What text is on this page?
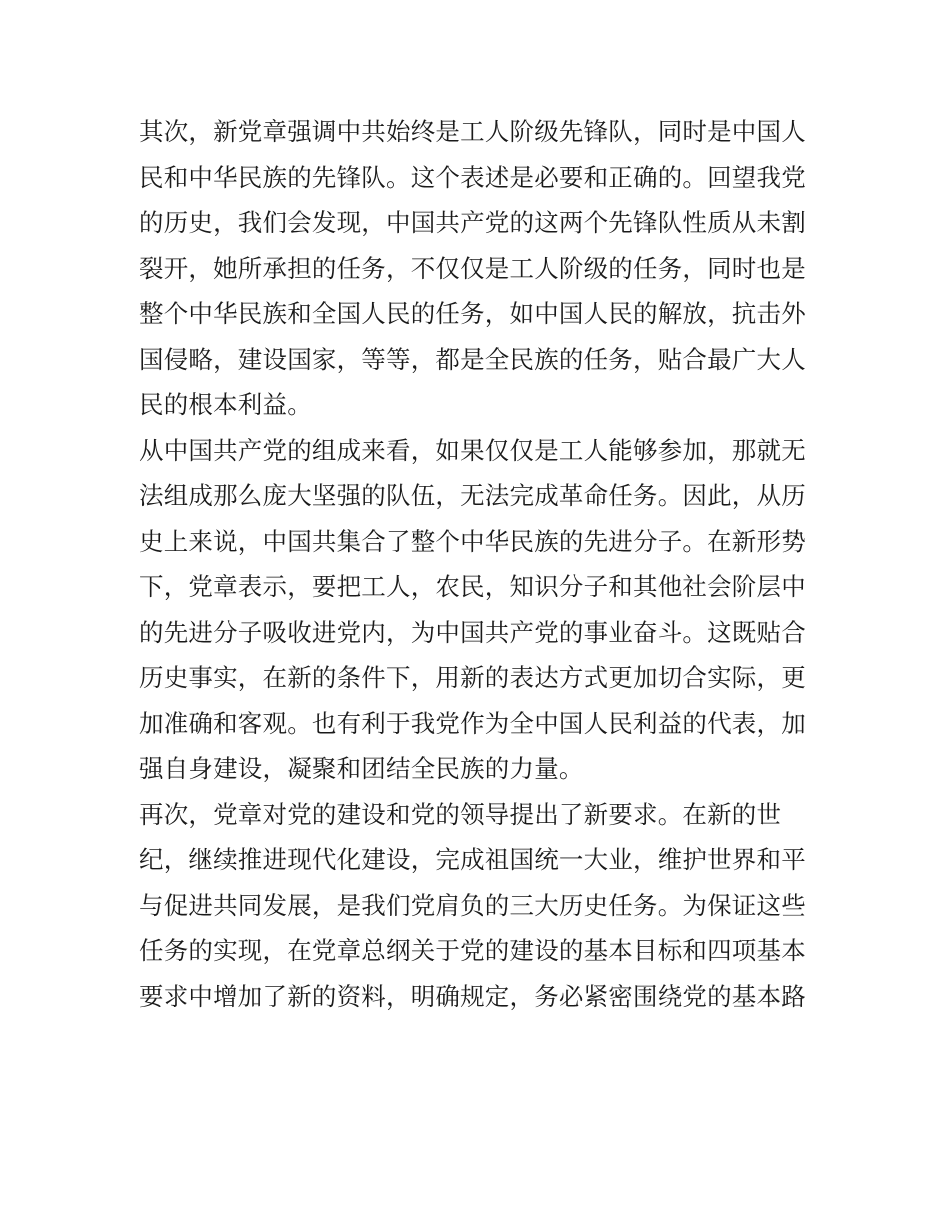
其次，新党章强调中共始终是工人阶级先锋队，同时是中国人
民和中华民族的先锋队。这个表述是必要和正确的。回望我党
的历史，我们会发现，中国共产党的这两个先锋队性质从未割
裂开，她所承担的任务，不仅仅是工人阶级的任务，同时也是
整个中华民族和全国人民的任务，如中国人民的解放，抗击外
国侵略，建设国家，等等，都是全民族的任务，贴合最广大人
民的根本利益。
从中国共产党的组成来看，如果仅仅是工人能够参加，那就无
法组成那么庞大坚强的队伍，无法完成革命任务。因此，从历
史上来说，中国共集合了整个中华民族的先进分子。在新形势
下，党章表示，要把工人，农民，知识分子和其他社会阶层中
的先进分子吸收进党内，为中国共产党的事业奋斗。这既贴合
历史事实，在新的条件下，用新的表达方式更加切合实际，更
加准确和客观。也有利于我党作为全中国人民利益的代表，加
强自身建设，凝聚和团结全民族的力量。
再次，党章对党的建设和党的领导提出了新要求。在新的世
纪，继续推进现代化建设，完成祖国统一大业，维护世界和平
与促进共同发展，是我们党肩负的三大历史任务。为保证这些
任务的实现，在党章总纲关于党的建设的基本目标和四项基本
要求中增加了新的资料，明确规定，务必紧密围绕党的基本路
